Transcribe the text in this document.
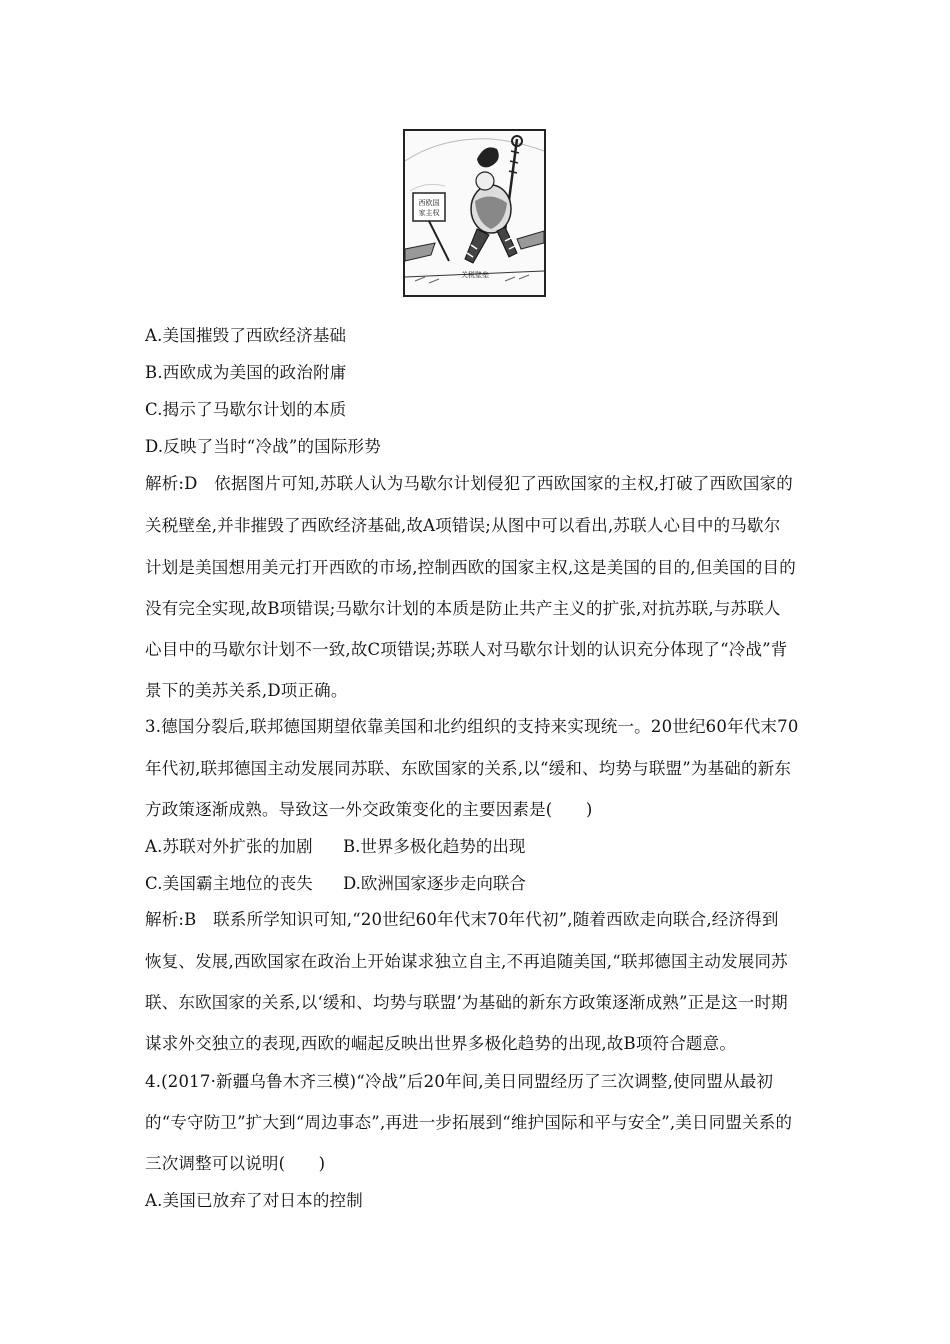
西欧国
家主权
关税壁垒
A.美国摧毁了西欧经济基础
B.西欧成为美国的政治附庸
C.揭示了马歇尔计划的本质
D.反映了当时“冷战”的国际形势
解析:D　依据图片可知,苏联人认为马歇尔计划侵犯了西欧国家的主权,打破了西欧国家的
关税壁垒,并非摧毁了西欧经济基础,故A项错误;从图中可以看出,苏联人心目中的马歇尔
计划是美国想用美元打开西欧的市场,控制西欧的国家主权,这是美国的目的,但美国的目的
没有完全实现,故B项错误;马歇尔计划的本质是防止共产主义的扩张,对抗苏联,与苏联人
心目中的马歇尔计划不一致,故C项错误;苏联人对马歇尔计划的认识充分体现了“冷战”背
景下的美苏关系,D项正确。
3.德国分裂后,联邦德国期望依靠美国和北约组织的支持来实现统一。20世纪60年代末70
年代初,联邦德国主动发展同苏联、东欧国家的关系,以“缓和、均势与联盟”为基础的新东
方政策逐渐成熟。导致这一外交政策变化的主要因素是(　　)
A.苏联对外扩张的加剧 B.世界多极化趋势的出现
C.美国霸主地位的丧失 D.欧洲国家逐步走向联合
解析:B　联系所学知识可知,“20世纪60年代末70年代初”,随着西欧走向联合,经济得到
恢复、发展,西欧国家在政治上开始谋求独立自主,不再追随美国,“联邦德国主动发展同苏
联、东欧国家的关系,以‘缓和、均势与联盟’为基础的新东方政策逐渐成熟”正是这一时期
谋求外交独立的表现,西欧的崛起反映出世界多极化趋势的出现,故B项符合题意。
4.(2017·新疆乌鲁木齐三模)“冷战”后20年间,美日同盟经历了三次调整,使同盟从最初
的“专守防卫”扩大到“周边事态”,再进一步拓展到“维护国际和平与安全”,美日同盟关系的
三次调整可以说明(　　)
A.美国已放弃了对日本的控制
